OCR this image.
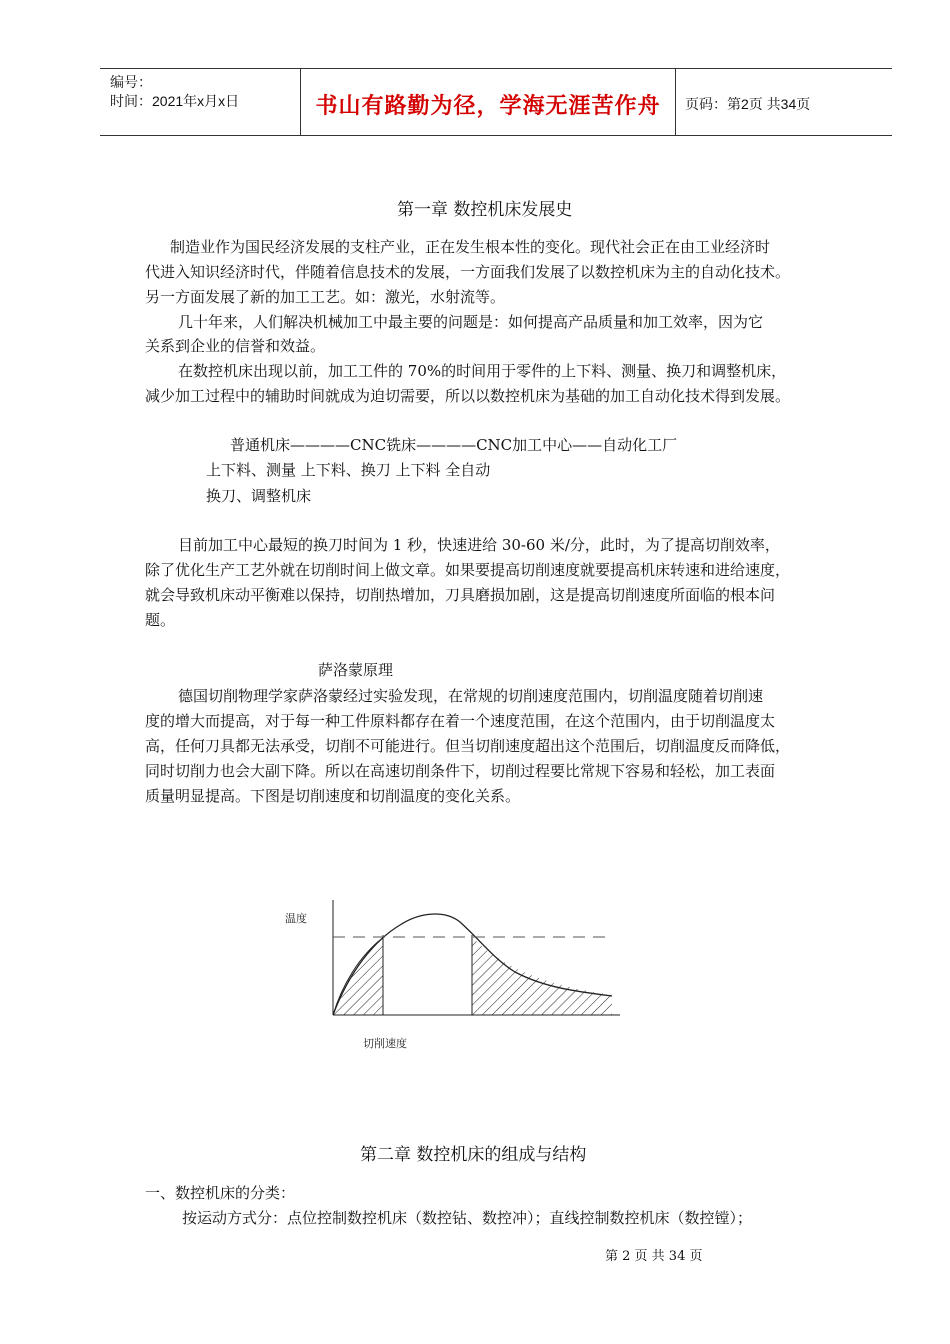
编号：
时间：2021年x月x日	书山有路勤为径，学海无涯苦作舟	页码：第2页 共34页
第一章 数控机床发展史
制造业作为国民经济发展的支柱产业，正在发生根本性的变化。现代社会正在由工业经济时
代进入知识经济时代，伴随着信息技术的发展，一方面我们发展了以数控机床为主的自动化技术。
另一方面发展了新的加工工艺。如：激光，水射流等。
几十年来，人们解决机械加工中最主要的问题是：如何提高产品质量和加工效率，因为它
关系到企业的信誉和效益。
在数控机床出现以前，加工工件的 70%的时间用于零件的上下料、测量、换刀和调整机床，
减少加工过程中的辅助时间就成为迫切需要，所以以数控机床为基础的加工自动化技术得到发展。
普通机床————CNC铣床————CNC加工中心——自动化工厂
上下料、测量 上下料、换刀 上下料 全自动
换刀、调整机床
目前加工中心最短的换刀时间为 1 秒，快速进给 30-60 米/分，此时，为了提高切削效率，
除了优化生产工艺外就在切削时间上做文章。如果要提高切削速度就要提高机床转速和进给速度，
就会导致机床动平衡难以保持，切削热增加，刀具磨损加剧，这是提高切削速度所面临的根本问
题。
萨洛蒙原理
德国切削物理学家萨洛蒙经过实验发现，在常规的切削速度范围内，切削温度随着切削速
度的增大而提高，对于每一种工件原料都存在着一个速度范围，在这个范围内，由于切削温度太
高，任何刀具都无法承受，切削不可能进行。但当切削速度超出这个范围后，切削温度反而降低，
同时切削力也会大副下降。所以在高速切削条件下，切削过程要比常规下容易和轻松，加工表面
质量明显提高。下图是切削速度和切削温度的变化关系。
温度
切削速度
第二章 数控机床的组成与结构
一、数控机床的分类：
按运动方式分：点位控制数控机床（数控钻、数控冲）；直线控制数控机床（数控镗）；
第 2 页 共 34 页
